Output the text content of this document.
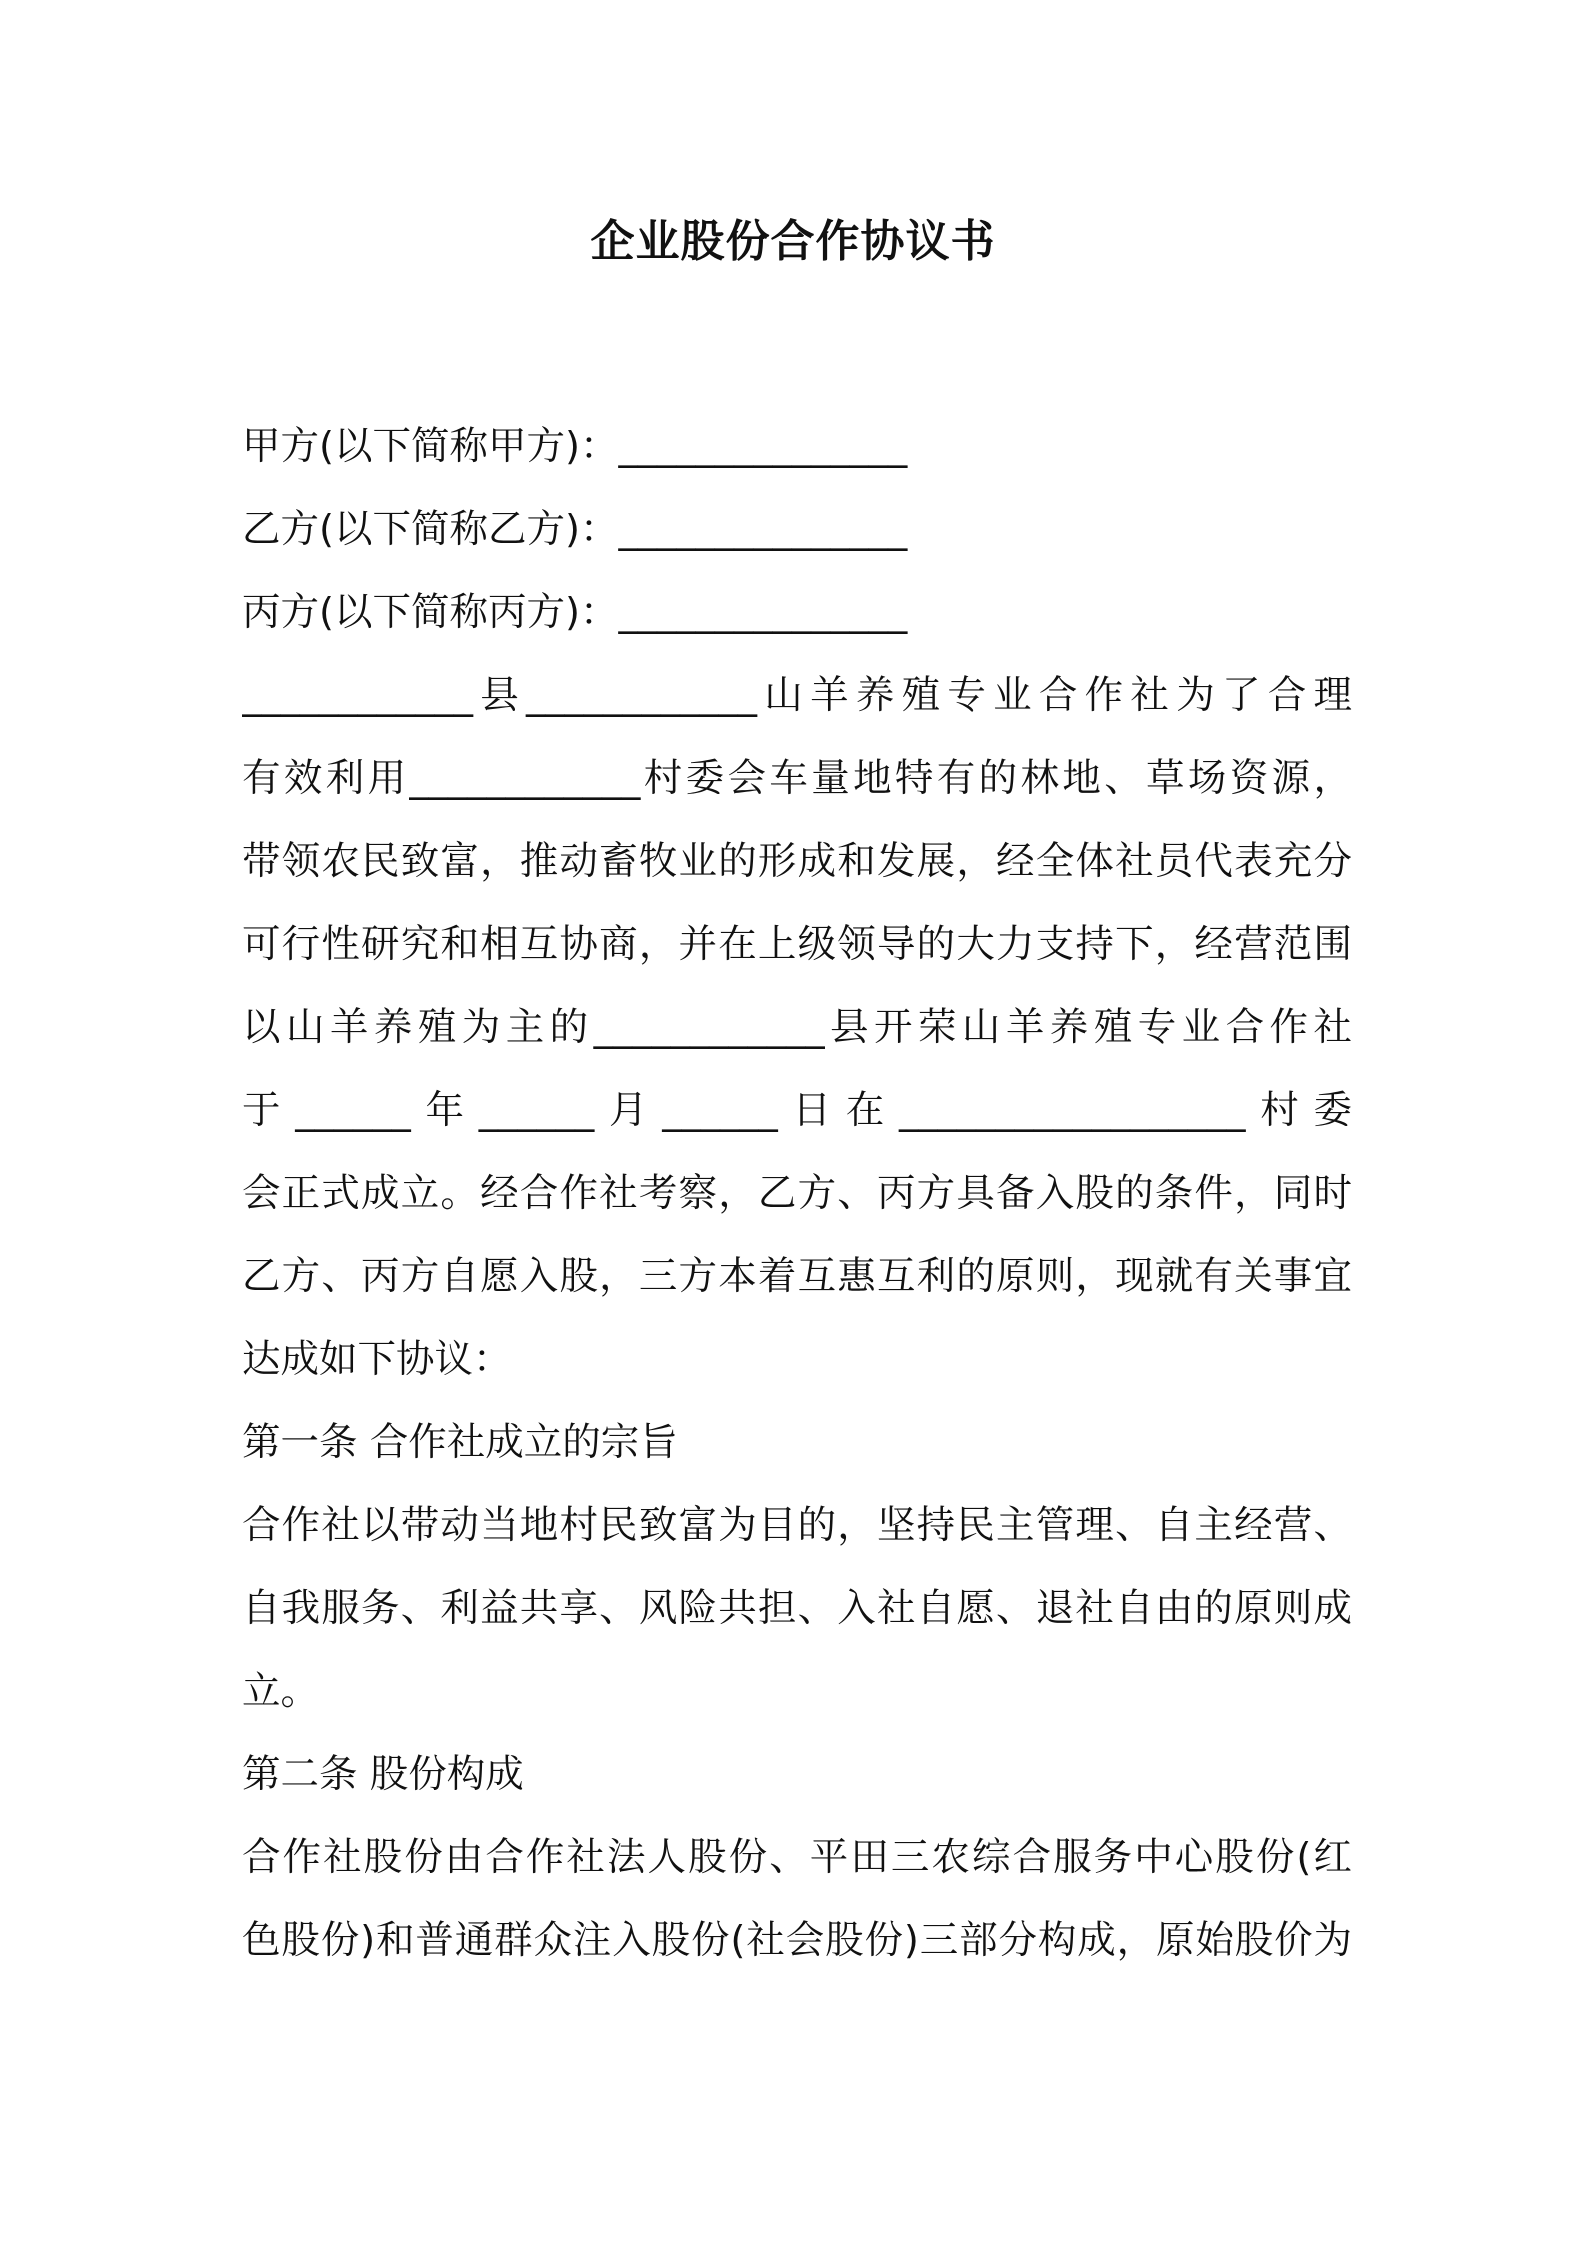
企业股份合作协议书
甲方(以下简称甲方)：_______________
乙方(以下简称乙方)：_______________
丙方(以下简称丙方)：_______________
____________县____________山羊养殖专业合作社为了合理
有效利用____________村委会车量地特有的林地、草场资源，
带领农民致富，推动畜牧业的形成和发展，经全体社员代表充分
可行性研究和相互协商，并在上级领导的大力支持下，经营范围
以山羊养殖为主的____________县开荣山羊养殖专业合作社
于______年______月______日在__________________村委
会正式成立。经合作社考察，乙方、丙方具备入股的条件，同时
乙方、丙方自愿入股，三方本着互惠互利的原则，现就有关事宜
达成如下协议：
第一条 合作社成立的宗旨
合作社以带动当地村民致富为目的，坚持民主管理、自主经营、
自我服务、利益共享、风险共担、入社自愿、退社自由的原则成
立。
第二条 股份构成
合作社股份由合作社法人股份、平田三农综合服务中心股份(红
色股份)和普通群众注入股份(社会股份)三部分构成，原始股价为
